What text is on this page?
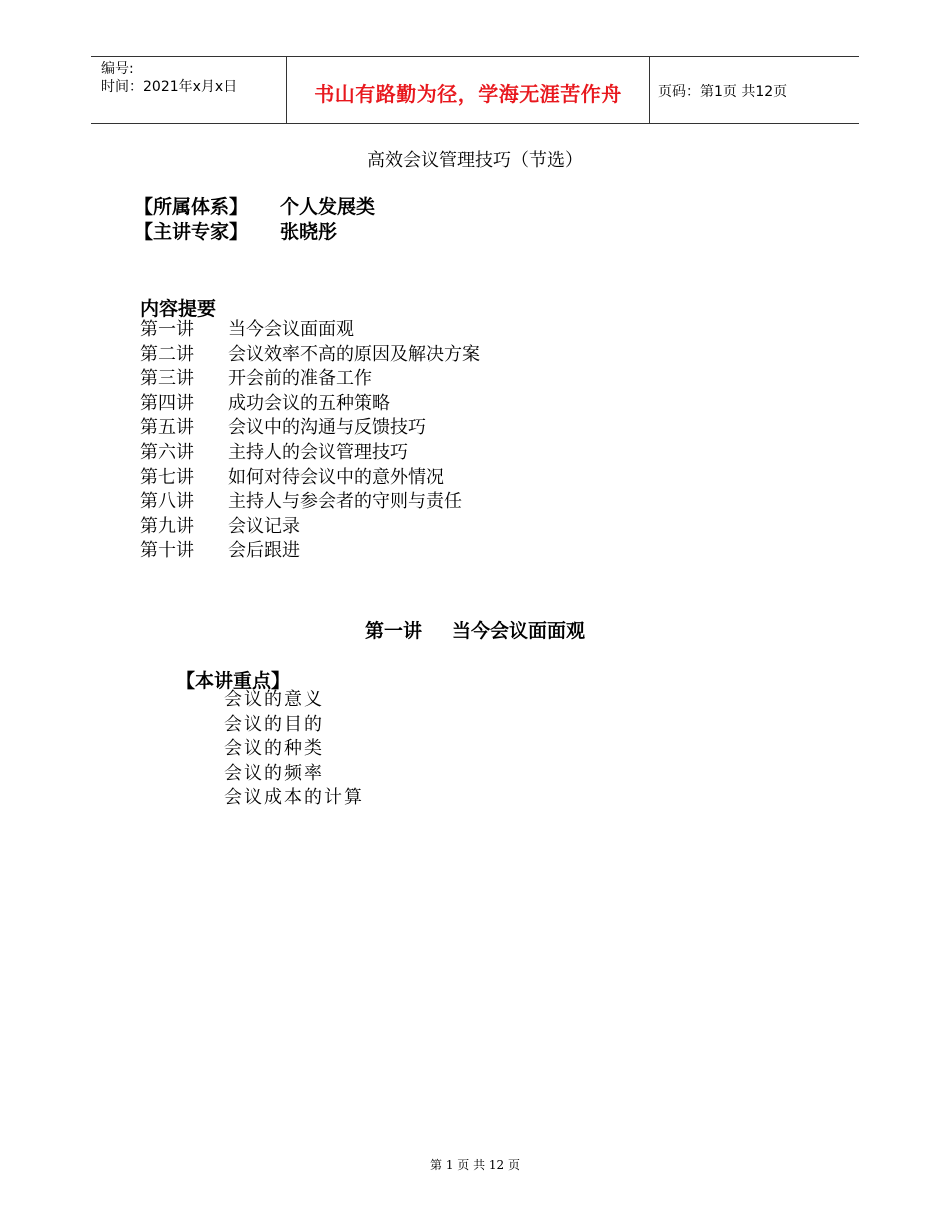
编号:
时间：2021年x月x日	书山有路勤为径，学海无涯苦作舟	页码：第1页 共12页
高效会议管理技巧（节选）
【所属体系】	个人发展类
【主讲专家】	张晓彤
内容提要
第一讲	当今会议面面观
第二讲	会议效率不高的原因及解决方案
第三讲	开会前的准备工作
第四讲	成功会议的五种策略
第五讲	会议中的沟通与反馈技巧
第六讲	主持人的会议管理技巧
第七讲	如何对待会议中的意外情况
第八讲	主持人与参会者的守则与责任
第九讲	会议记录
第十讲	会后跟进
第一讲 当今会议面面观
【本讲重点】
会议的意义
会议的目的
会议的种类
会议的频率
会议成本的计算
第 1 页 共 12 页
